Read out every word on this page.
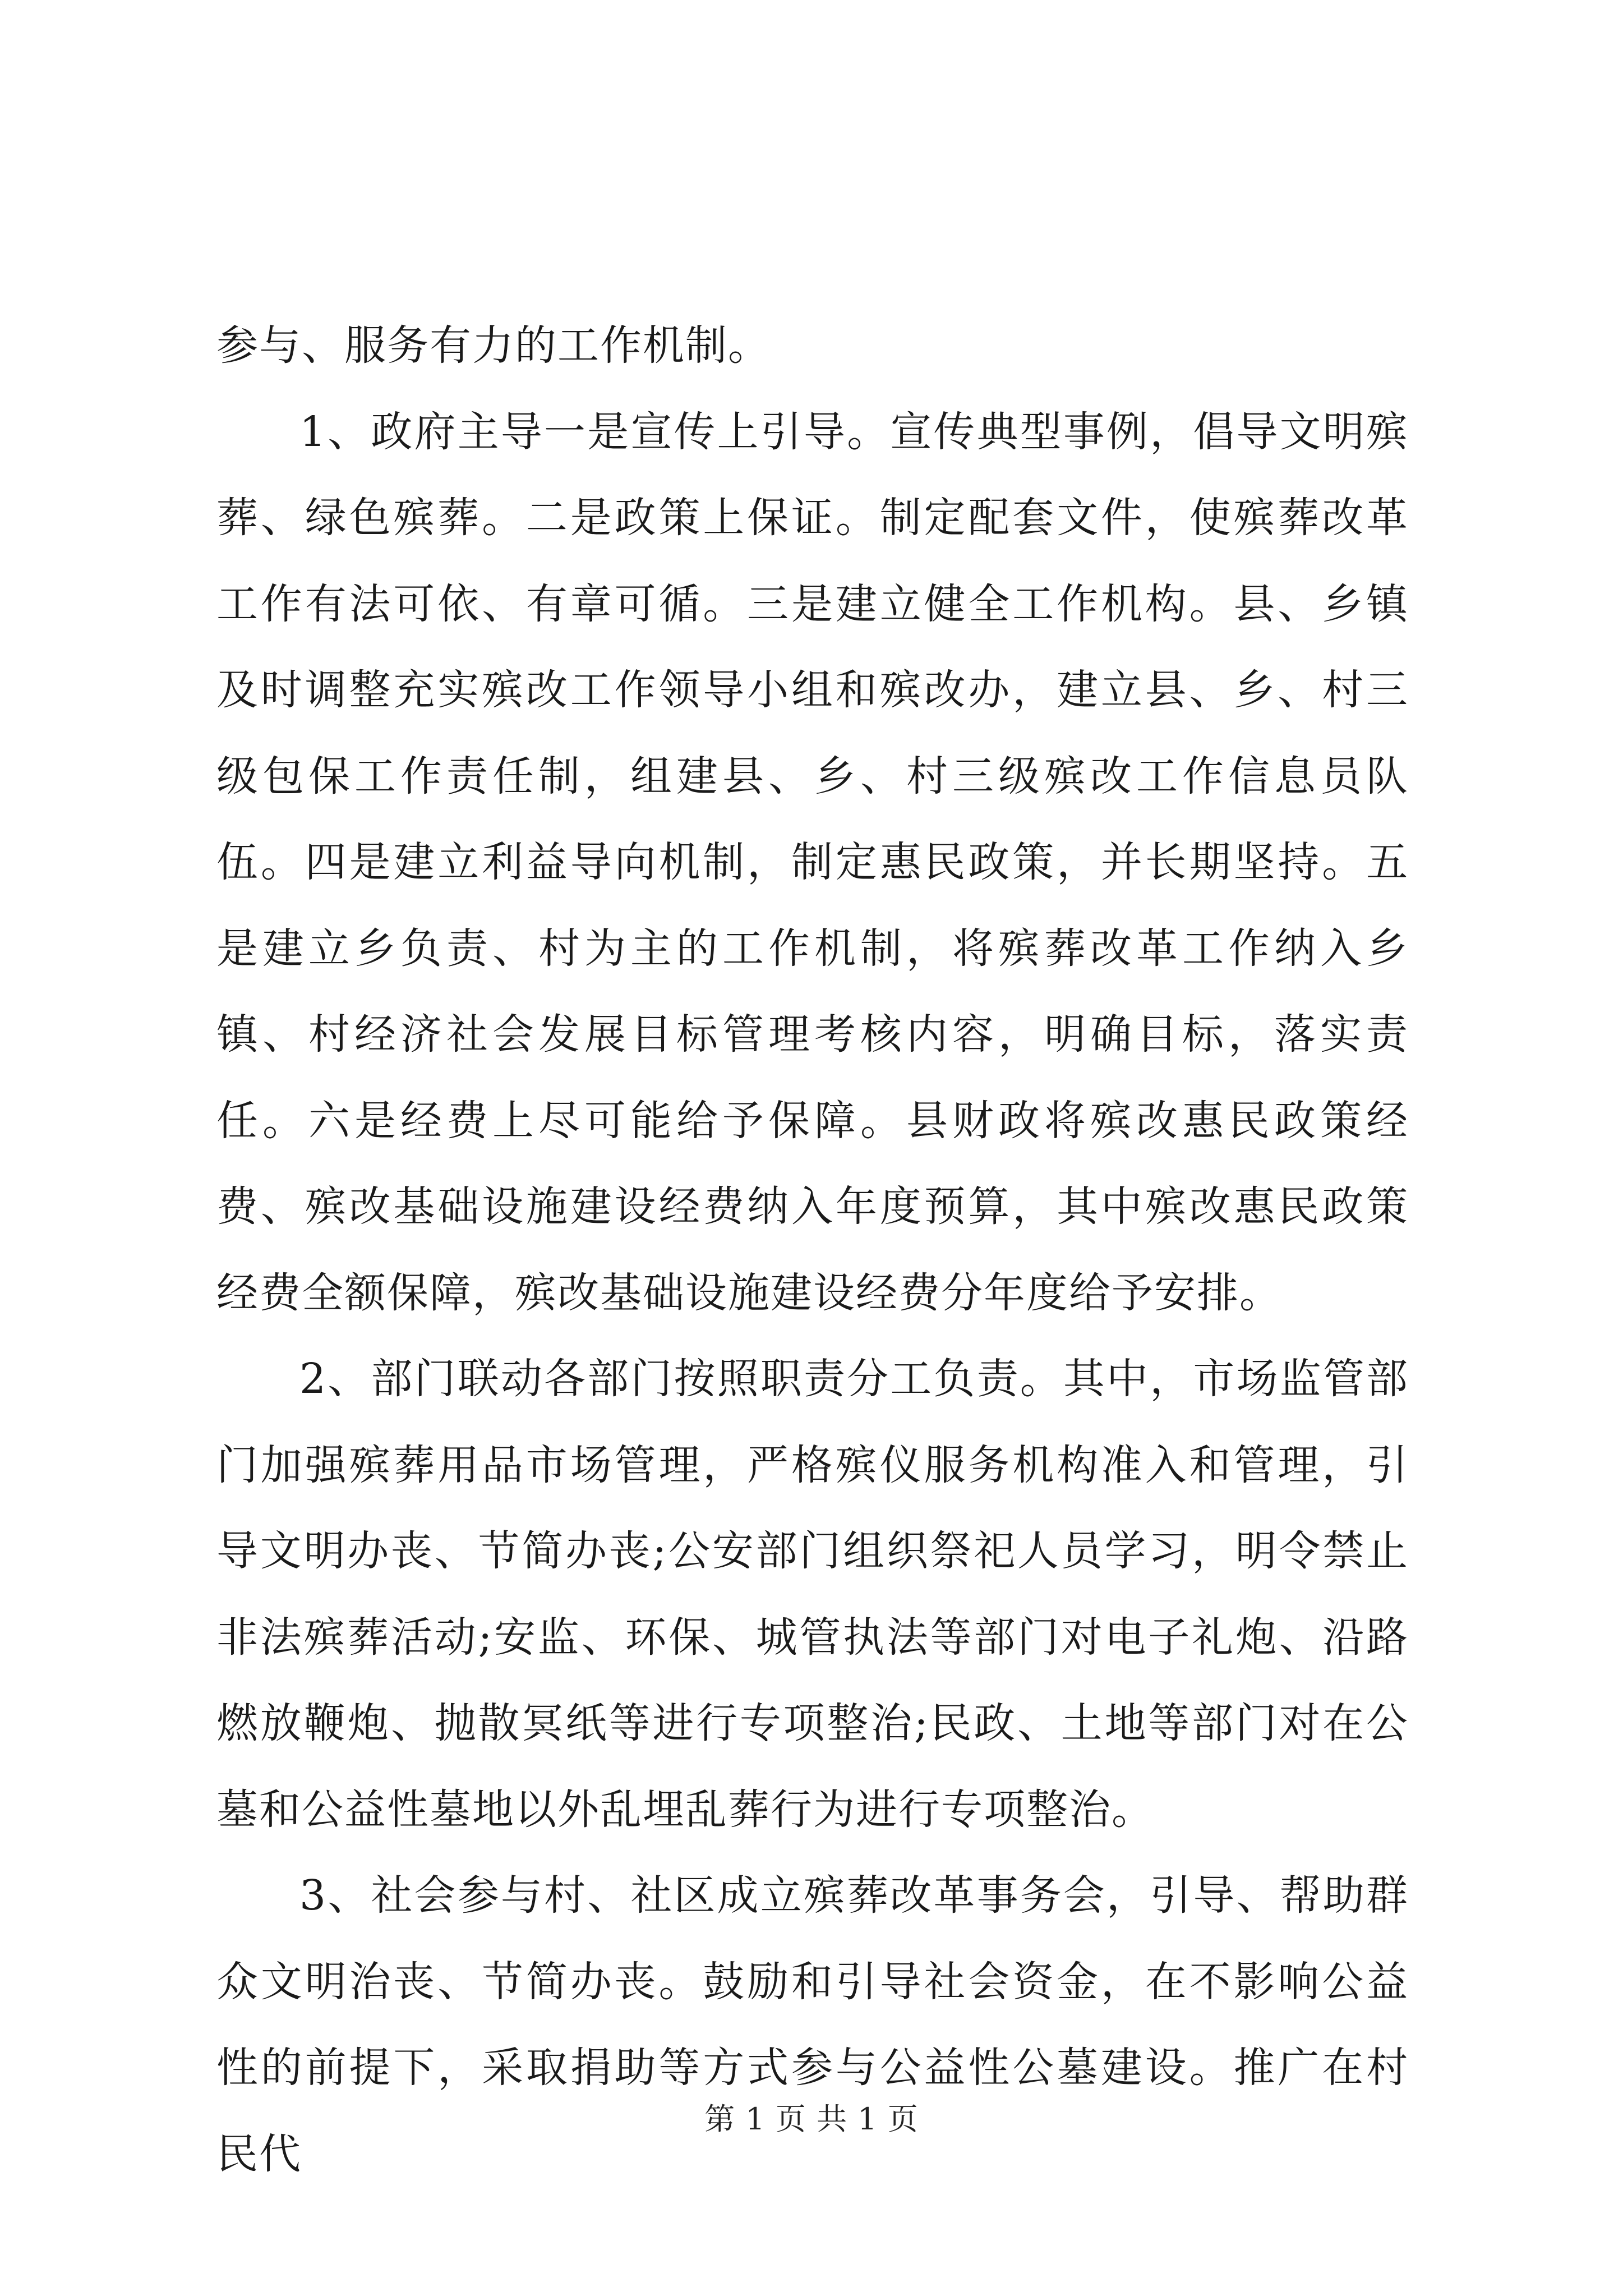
参与、服务有力的工作机制。

1、政府主导一是宣传上引导。宣传典型事例，倡导文明殡葬、绿色殡葬。二是政策上保证。制定配套文件，使殡葬改革工作有法可依、有章可循。三是建立健全工作机构。县、乡镇及时调整充实殡改工作领导小组和殡改办，建立县、乡、村三级包保工作责任制，组建县、乡、村三级殡改工作信息员队伍。四是建立利益导向机制，制定惠民政策，并长期坚持。五是建立乡负责、村为主的工作机制，将殡葬改革工作纳入乡镇、村经济社会发展目标管理考核内容，明确目标，落实责任。六是经费上尽可能给予保障。县财政将殡改惠民政策经费、殡改基础设施建设经费纳入年度预算，其中殡改惠民政策经费全额保障，殡改基础设施建设经费分年度给予安排。

2、部门联动各部门按照职责分工负责。其中，市场监管部门加强殡葬用品市场管理，严格殡仪服务机构准入和管理，引导文明办丧、节简办丧;公安部门组织祭祀人员学习，明令禁止非法殡葬活动;安监、环保、城管执法等部门对电子礼炮、沿路燃放鞭炮、抛散冥纸等进行专项整治;民政、土地等部门对在公墓和公益性墓地以外乱埋乱葬行为进行专项整治。

3、社会参与村、社区成立殡葬改革事务会，引导、帮助群众文明治丧、节简办丧。鼓励和引导社会资金，在不影响公益性的前提下，采取捐助等方式参与公益性公墓建设。推广在村民代

第 1 页 共 1 页
